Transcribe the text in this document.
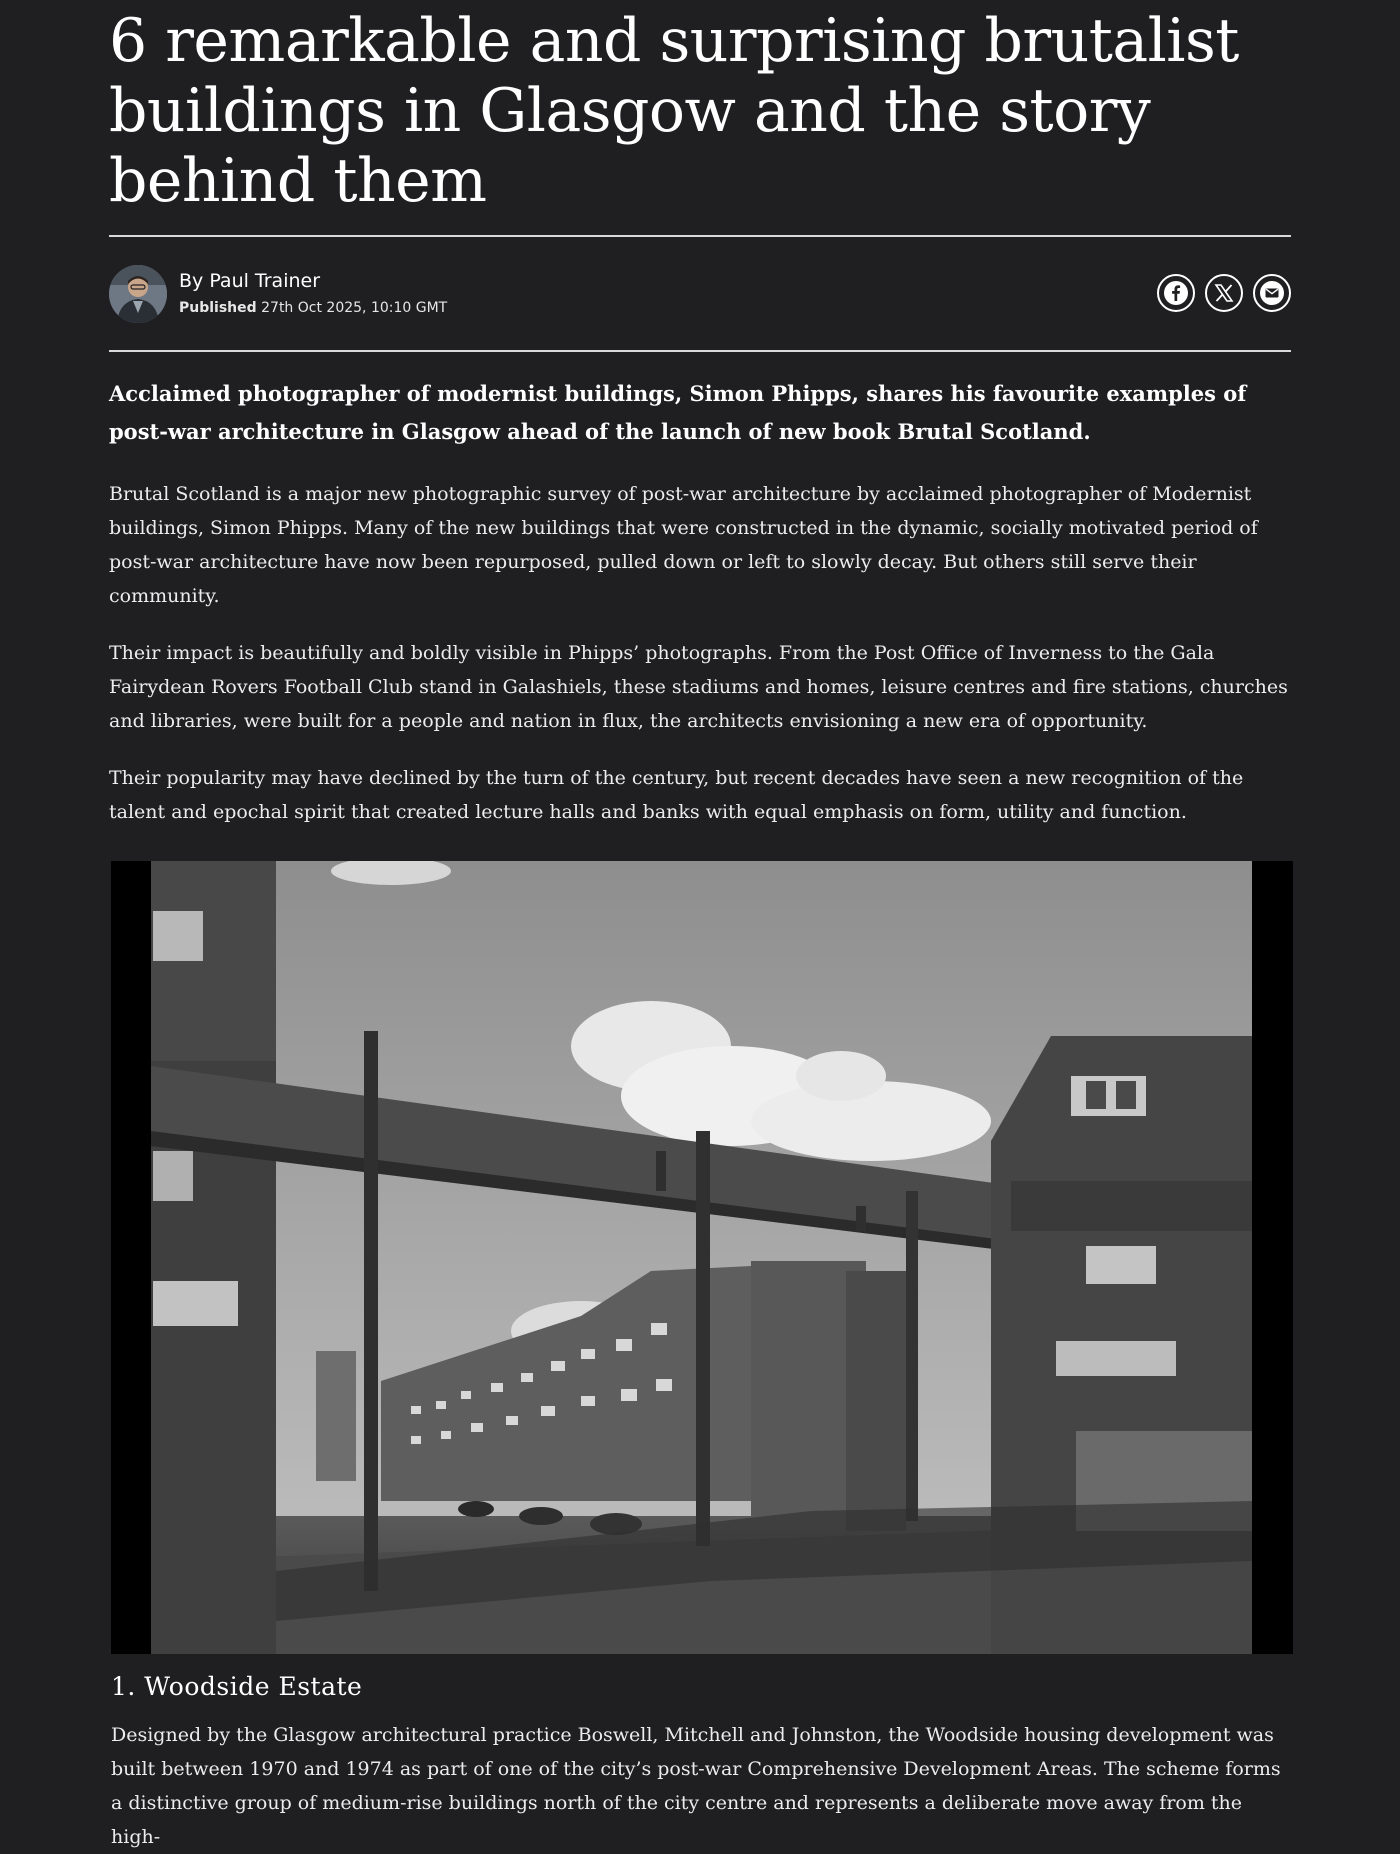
6 remarkable and surprising brutalist buildings in Glasgow and the story behind them
By Paul Trainer
Published 27th Oct 2025, 10:10 GMT

Acclaimed photographer of modernist buildings, Simon Phipps, shares his favourite examples of post-war architecture in Glasgow ahead of the launch of new book Brutal Scotland.

Brutal Scotland is a major new photographic survey of post-war architecture by acclaimed photographer of Modernist buildings, Simon Phipps. Many of the new buildings that were constructed in the dynamic, socially motivated period of post-war architecture have now been repurposed, pulled down or left to slowly decay. But others still serve their community.

Their impact is beautifully and boldly visible in Phipps’ photographs. From the Post Office of Inverness to the Gala Fairydean Rovers Football Club stand in Galashiels, these stadiums and homes, leisure centres and fire stations, churches and libraries, were built for a people and nation in flux, the architects envisioning a new era of opportunity.

Their popularity may have declined by the turn of the century, but recent decades have seen a new recognition of the talent and epochal spirit that created lecture halls and banks with equal emphasis on form, utility and function.

1. Woodside Estate

Designed by the Glasgow architectural practice Boswell, Mitchell and Johnston, the Woodside housing development was built between 1970 and 1974 as part of one of the city’s post-war Comprehensive Development Areas. The scheme forms a distinctive group of medium-rise buildings north of the city centre and represents a deliberate move away from the high-
